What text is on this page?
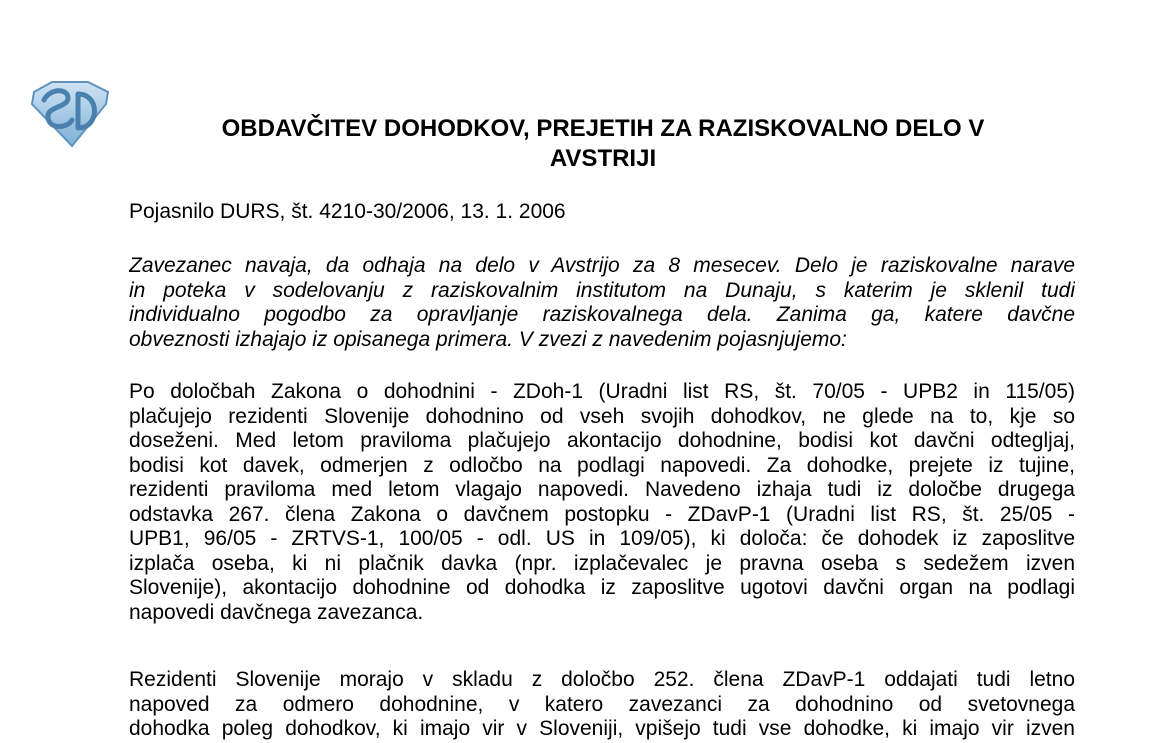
OBDAVČITEV DOHODKOV, PREJETIH ZA RAZISKOVALNO DELO V
AVSTRIJI
Pojasnilo DURS, št. 4210-30/2006, 13. 1. 2006
Zavezanec navaja, da odhaja na delo v Avstrijo za 8 mesecev. Delo je raziskovalne narave
in poteka v sodelovanju z raziskovalnim institutom na Dunaju, s katerim je sklenil tudi
individualno pogodbo za opravljanje raziskovalnega dela. Zanima ga, katere davčne
obveznosti izhajajo iz opisanega primera. V zvezi z navedenim pojasnjujemo:
Po določbah Zakona o dohodnini - ZDoh-1 (Uradni list RS, št. 70/05 - UPB2 in 115/05)
plačujejo rezidenti Slovenije dohodnino od vseh svojih dohodkov, ne glede na to, kje so
doseženi. Med letom praviloma plačujejo akontacijo dohodnine, bodisi kot davčni odtegljaj,
bodisi kot davek, odmerjen z odločbo na podlagi napovedi. Za dohodke, prejete iz tujine,
rezidenti praviloma med letom vlagajo napovedi. Navedeno izhaja tudi iz določbe drugega
odstavka 267. člena Zakona o davčnem postopku - ZDavP-1 (Uradni list RS, št. 25/05 -
UPB1, 96/05 - ZRTVS-1, 100/05 - odl. US in 109/05), ki določa: če dohodek iz zaposlitve
izplača oseba, ki ni plačnik davka (npr. izplačevalec je pravna oseba s sedežem izven
Slovenije), akontacijo dohodnine od dohodka iz zaposlitve ugotovi davčni organ na podlagi
napovedi davčnega zavezanca.
Rezidenti Slovenije morajo v skladu z določbo 252. člena ZDavP-1 oddajati tudi letno
napoved za odmero dohodnine, v katero zavezanci za dohodnino od svetovnega
dohodka poleg dohodkov, ki imajo vir v Sloveniji, vpišejo tudi vse dohodke, ki imajo vir izven
